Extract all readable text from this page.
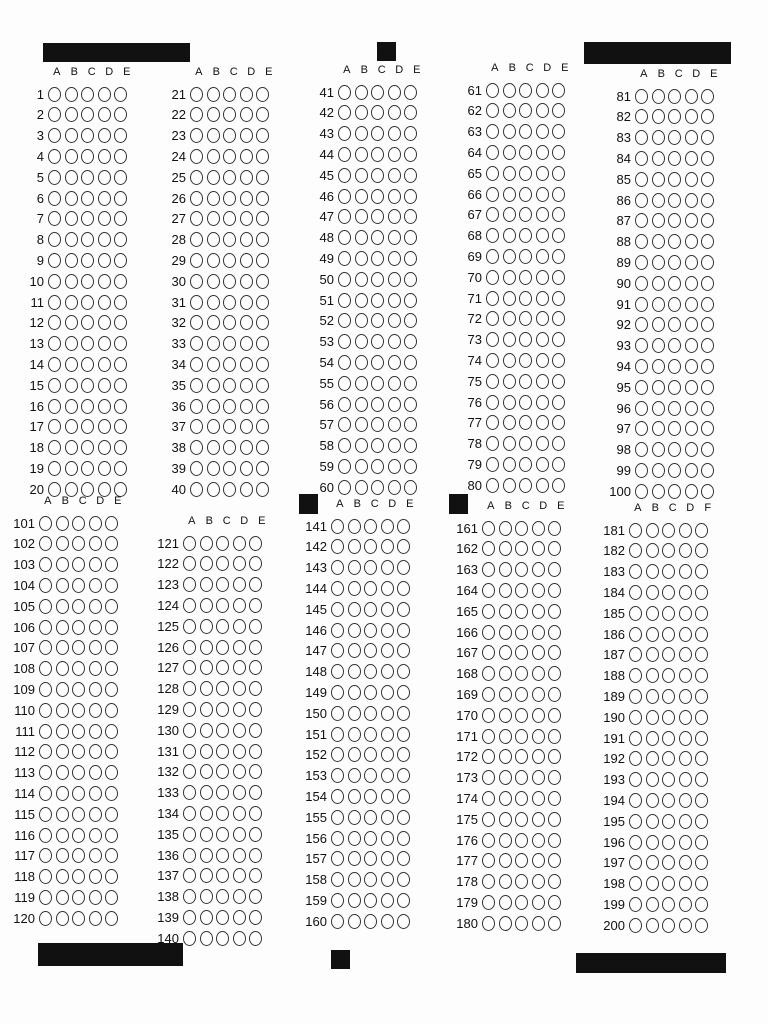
A B C D E
1
2
3
4
5
6
7
8
9
10
11
12
13
14
15
16
17
18
19
20
A B C D E
21
22
23
24
25
26
27
28
29
30
31
32
33
34
35
36
37
38
39
40
A B C D E
41
42
43
44
45
46
47
48
49
50
51
52
53
54
55
56
57
58
59
60
A B C D E
61
62
63
64
65
66
67
68
69
70
71
72
73
74
75
76
77
78
79
80
A B C D E
81
82
83
84
85
86
87
88
89
90
91
92
93
94
95
96
97
98
99
100
A B C D E
101
102
103
104
105
106
107
108
109
110
111
112
113
114
115
116
117
118
119
120
A B C D E
121
122
123
124
125
126
127
128
129
130
131
132
133
134
135
136
137
138
139
140
A B C D E
141
142
143
144
145
146
147
148
149
150
151
152
153
154
155
156
157
158
159
160
A B C D E
161
162
163
164
165
166
167
168
169
170
171
172
173
174
175
176
177
178
179
180
A B C D F
181
182
183
184
185
186
187
188
189
190
191
192
193
194
195
196
197
198
199
200
